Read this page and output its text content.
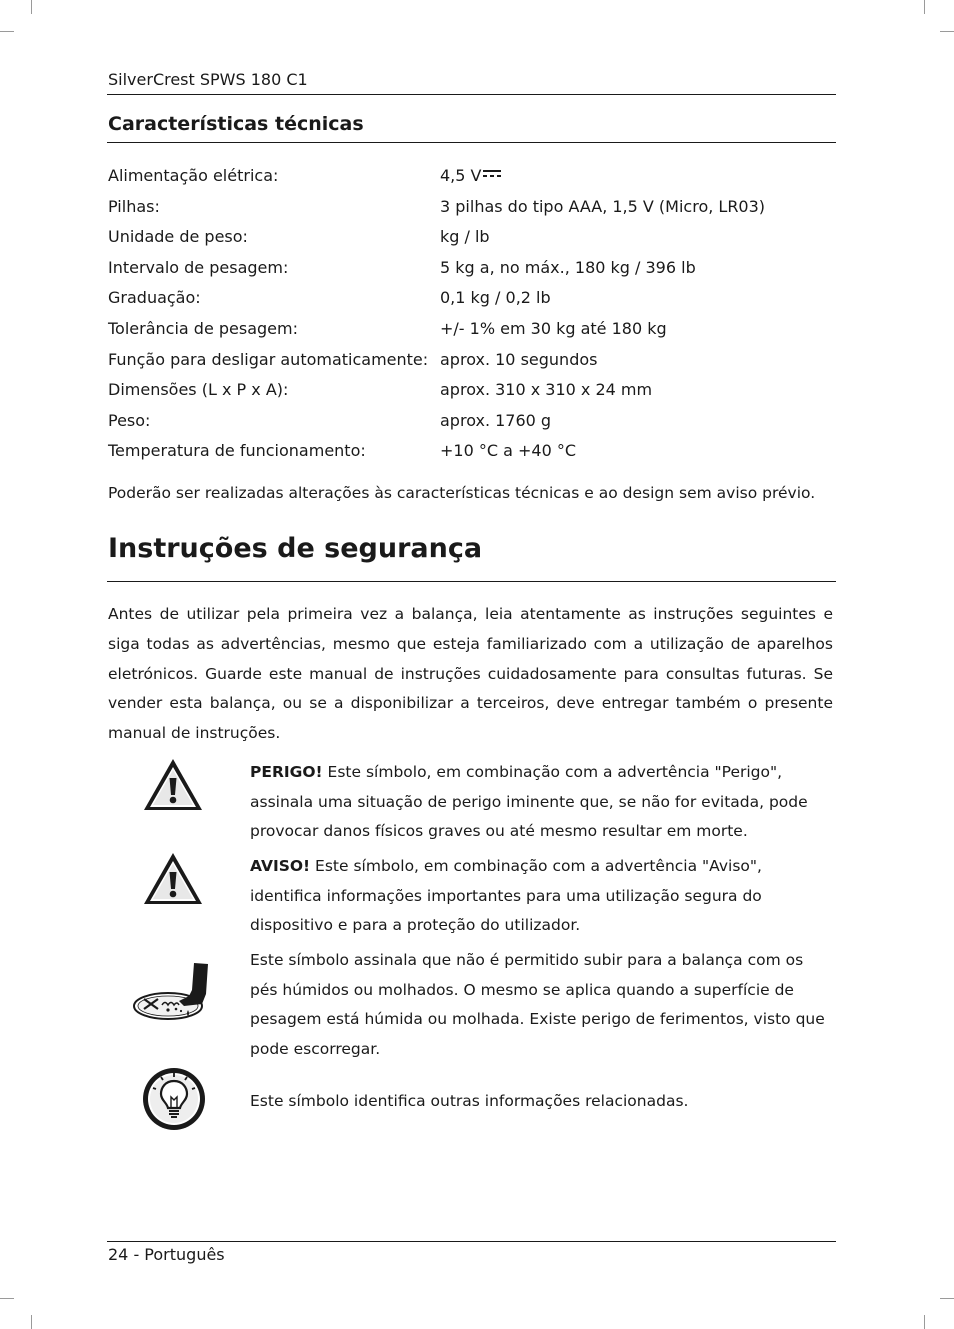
SilverCrest SPWS 180 C1
Características técnicas
Alimentação elétrica:	4,5 V
Pilhas:	3 pilhas do tipo AAA, 1,5 V (Micro, LR03)
Unidade de peso:	kg / lb
Intervalo de pesagem:	5 kg a, no máx., 180 kg / 396 lb
Graduação:	0,1 kg / 0,2 lb
Tolerância de pesagem:	+/- 1% em 30 kg até 180 kg
Função para desligar automaticamente: aprox. 10 segundos
Dimensões (L x P x A):	aprox. 310 x 310 x 24 mm
Peso:	aprox. 1760 g
Temperatura de funcionamento:	+10 °C a +40 °C
Poderão ser realizadas alterações às características técnicas e ao design sem aviso prévio.
Instruções de segurança

Antes de utilizar pela primeira vez a balança, leia atentamente as instruções seguintes e siga todas as advertências, mesmo que esteja familiarizado com a utilização de aparelhos eletrónicos. Guarde este manual de instruções cuidadosamente para consultas futuras. Se vender esta balança, ou se a disponibilizar a terceiros, deve entregar também o presente manual de instruções.

PERIGO! Este símbolo, em combinação com a advertência "Perigo", assinala uma situação de perigo iminente que, se não for evitada, pode provocar danos físicos graves ou até mesmo resultar em morte.

AVISO! Este símbolo, em combinação com a advertência "Aviso", identifica informações importantes para uma utilização segura do dispositivo e para a proteção do utilizador.

Este símbolo assinala que não é permitido subir para a balança com os pés húmidos ou molhados. O mesmo se aplica quando a superfície de pesagem está húmida ou molhada. Existe perigo de ferimentos, visto que pode escorregar.

Este símbolo identifica outras informações relacionadas.

24 - Português
